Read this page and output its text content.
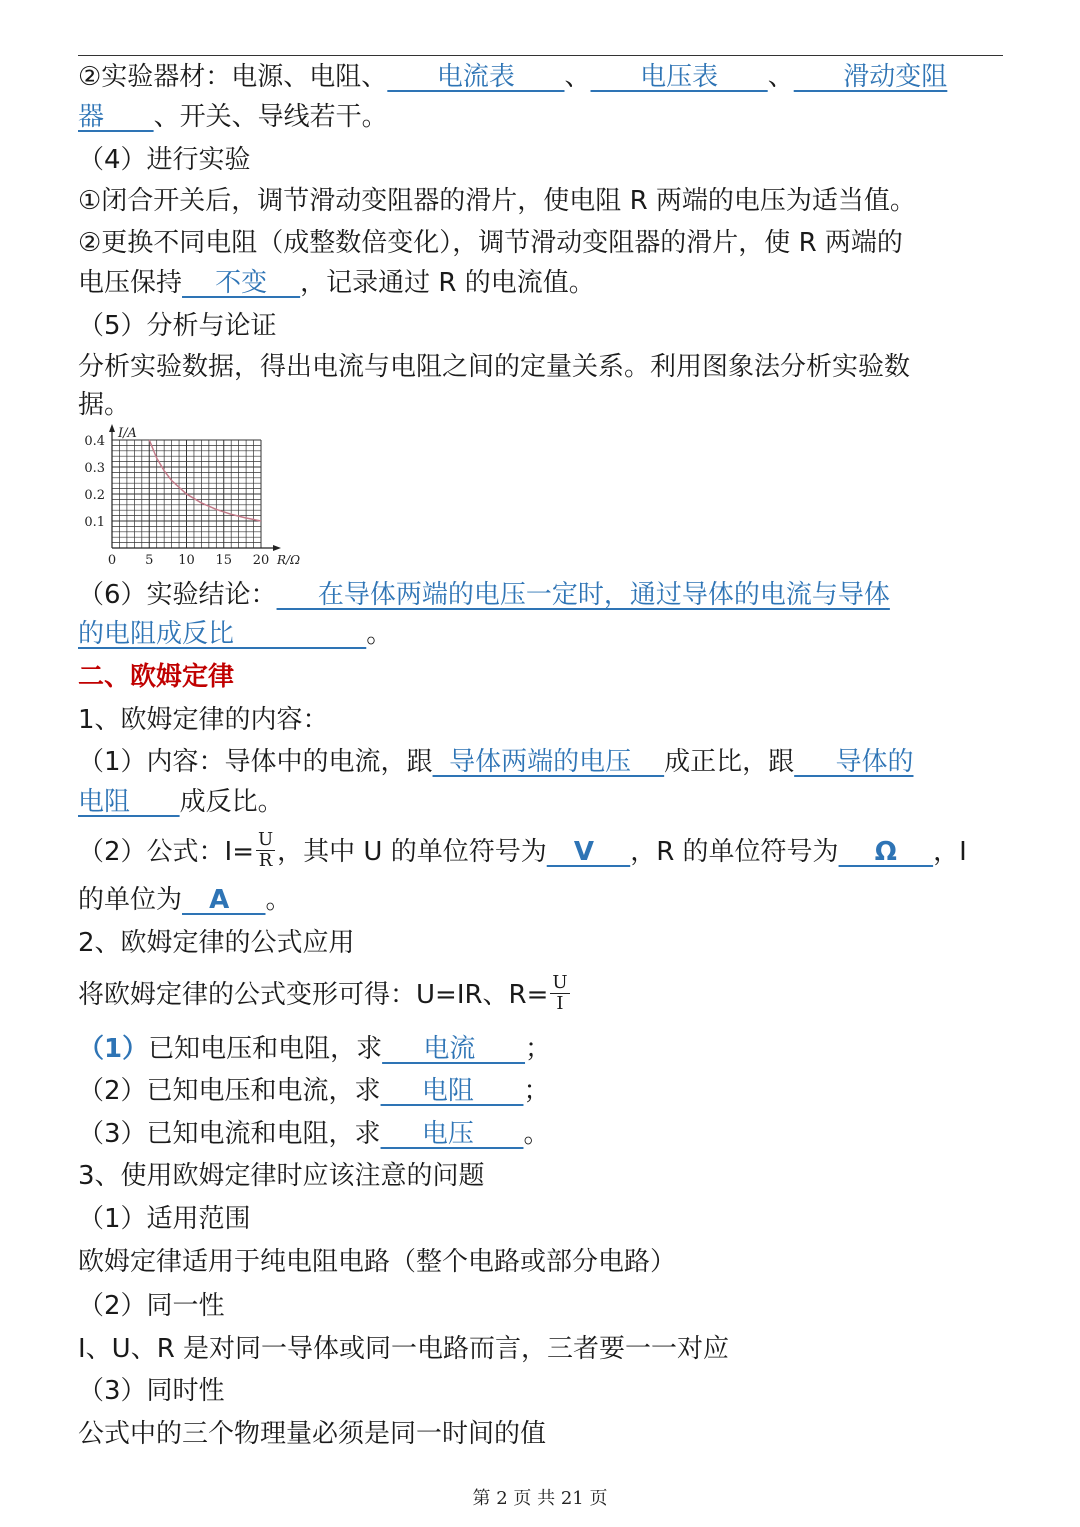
②实验器材：电源、电阻、      电流表      、      电压表      、      滑动变阻
器      、开关、导线若干。
（4）进行实验
①闭合开关后，调节滑动变阻器的滑片，使电阻 R 两端的电压为适当值。
②更换不同电阻（成整数倍变化），调节滑动变阻器的滑片，使 R 两端的
电压保持    不变    ，记录通过 R 的电流值。
（5）分析与论证
分析实验数据，得出电流与电阻之间的定量关系。利用图象法分析实验数
据。
0.1
0.2
0.3
0.4
0 5 10 15 20
I/A
R/Ω
（6）实验结论：     在导体两端的电压一定时，通过导体的电流与导体
的电阻成反比                。
二、欧姆定律
1、欧姆定律的内容：
（1）内容：导体中的电流，跟  导体两端的电压    成正比，跟     导体的
电阻      成反比。
（2）公式：$I= \frac{U}{R}$ ，其中 U 的单位符号为   V    ，R 的单位符号为    Ω    ，I
的单位为   A    。
2、欧姆定律的公式应用
将欧姆定律的公式变形可得：U=IR、$R= \frac{U}{I}$
（1）已知电压和电阻，求     电流      ；
（2）已知电压和电流，求     电阻      ；
（3）已知电流和电阻，求     电压      。
3、使用欧姆定律时应该注意的问题
（1）适用范围
欧姆定律适用于纯电阻电路（整个电路或部分电路）
（2）同一性
I、U、R 是对同一导体或同一电路而言，三者要一一对应
（3）同时性
公式中的三个物理量必须是同一时间的值
第 2 页 共 21 页
